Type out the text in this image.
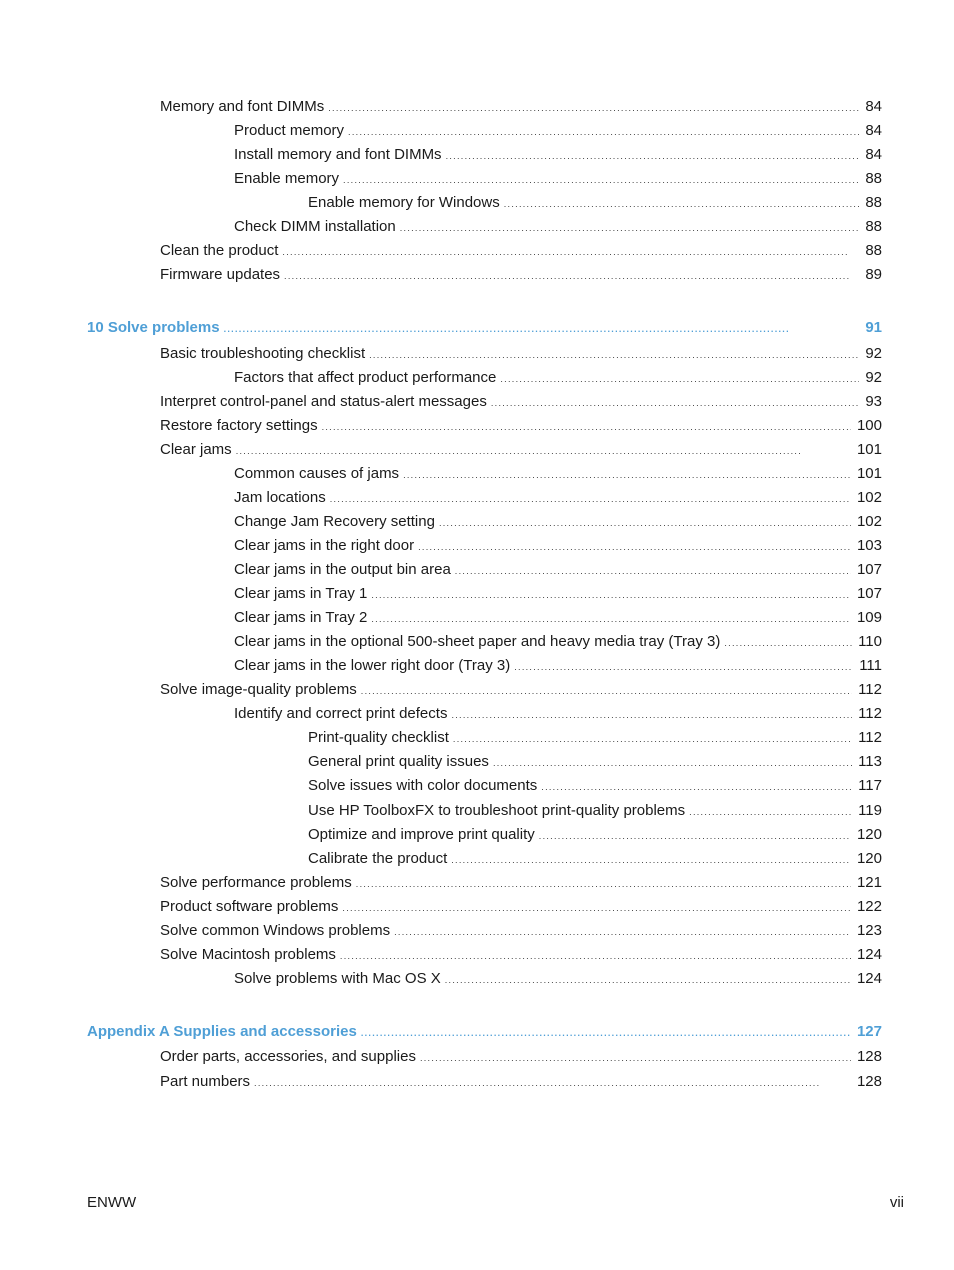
Memory and font DIMMs . . .	84
Product memory . . .	84
Install memory and font DIMMs . . .	84
Enable memory . . .	88
Enable memory for Windows . . .	88
Check DIMM installation . . .	88
Clean the product . . .	88
Firmware updates . . .	89
10 Solve problems . . .	91
Basic troubleshooting checklist . . .	92
Factors that affect product performance . . .	92
Interpret control-panel and status-alert messages . . .	93
Restore factory settings . . .	100
Clear jams . . .	101
Common causes of jams . . .	101
Jam locations . . .	102
Change Jam Recovery setting . . .	102
Clear jams in the right door . . .	103
Clear jams in the output bin area . . .	107
Clear jams in Tray 1 . . .	107
Clear jams in Tray 2 . . .	109
Clear jams in the optional 500-sheet paper and heavy media tray (Tray 3) . . .	110
Clear jams in the lower right door (Tray 3) . . .	111
Solve image-quality problems . . .	112
Identify and correct print defects . . .	112
Print-quality checklist . . .	112
General print quality issues . . .	113
Solve issues with color documents . . .	117
Use HP ToolboxFX to troubleshoot print-quality problems . . .	119
Optimize and improve print quality . . .	120
Calibrate the product . . .	120
Solve performance problems . . .	121
Product software problems . . .	122
Solve common Windows problems . . .	123
Solve Macintosh problems . . .	124
Solve problems with Mac OS X . . .	124
Appendix A Supplies and accessories . . .	127
Order parts, accessories, and supplies . . .	128
Part numbers . . .	128
ENWW	vii
